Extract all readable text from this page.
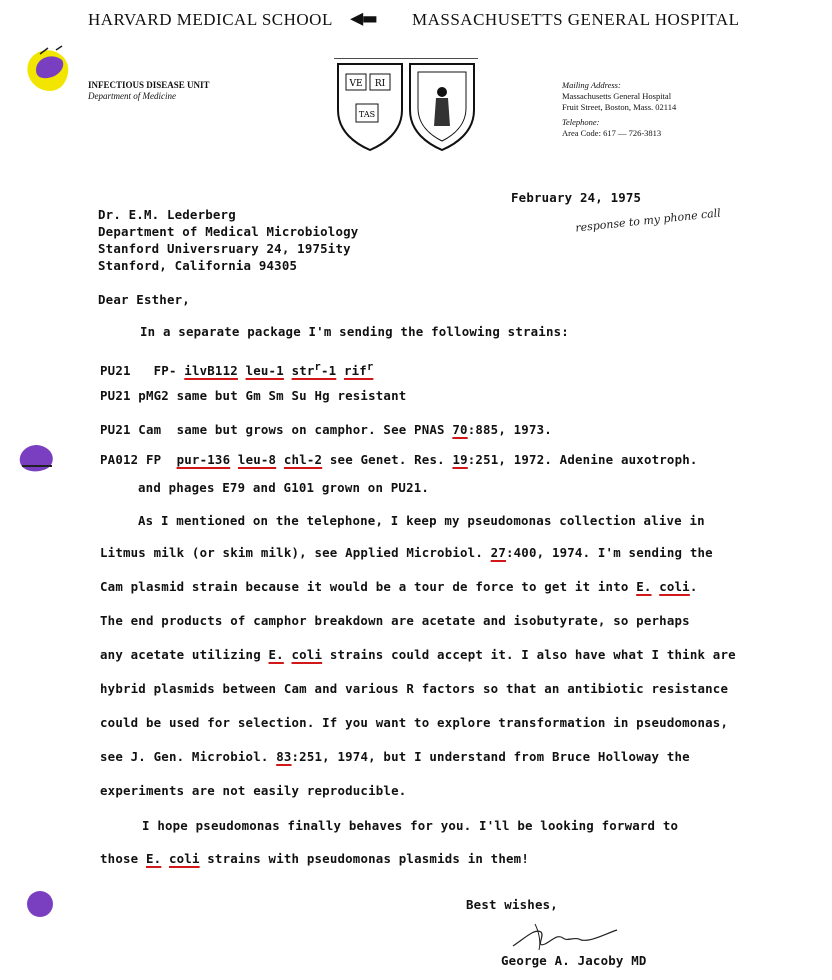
HARVARD MEDICAL SCHOOL ◀▬ MASSACHUSETTS GENERAL HOSPITAL
INFECTIOUS DISEASE UNIT
Department of Medicine
VE RI
TAS
Mailing Address:
Massachusetts General Hospital
Fruit Street, Boston, Mass. 02114
Telephone:
Area Code: 617 — 726-3813
February 24, 1975
response to my phone call
Dr. E.M. Lederberg
Department of Medical Microbiology
Stanford Universruary 24, 1975ity
Stanford, California 94305
Dear Esther,
In a separate package I'm sending the following strains:
PU21 FP- ilvB112 leu-1 str$^r$-1 rif$^r$
PU21 pMG2 same but Gm Sm Su Hg resistant
PU21 Cam  same but grows on camphor. See PNAS 70:885, 1973.
PA012 FP pur-136 leu-8 chl-2 see Genet. Res. 19:251, 1972. Adenine auxotroph.
and phages E79 and G101 grown on PU21.
As I mentioned on the telephone, I keep my pseudomonas collection alive in
Litmus milk (or skim milk), see Applied Microbiol. 27:400, 1974. I'm sending the
Cam plasmid strain because it would be a tour de force to get it into E. coli.
The end products of camphor breakdown are acetate and isobutyrate, so perhaps
any acetate utilizing E. coli strains could accept it. I also have what I think are
hybrid plasmids between Cam and various R factors so that an antibiotic resistance
could be used for selection. If you want to explore transformation in pseudomonas,
see J. Gen. Microbiol. 83:251, 1974, but I understand from Bruce Holloway the
experiments are not easily reproducible.
I hope pseudomonas finally behaves for you. I'll be looking forward to
those E. coli strains with pseudomonas plasmids in them!
Best wishes,
George A. Jacoby MD
